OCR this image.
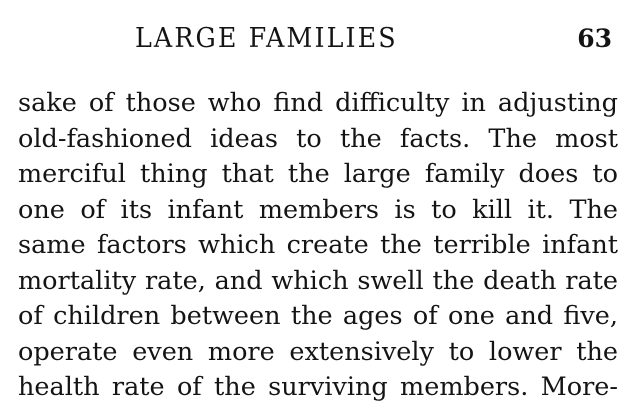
LARGE FAMILIES	63
sake of those who find difficulty in adjusting
old-fashioned ideas to the facts. The most
merciful thing that the large family does to
one of its infant members is to kill it. The
same factors which create the terrible infant
mortality rate, and which swell the death rate
of children between the ages of one and five,
operate even more extensively to lower the
health rate of the surviving members. More-
